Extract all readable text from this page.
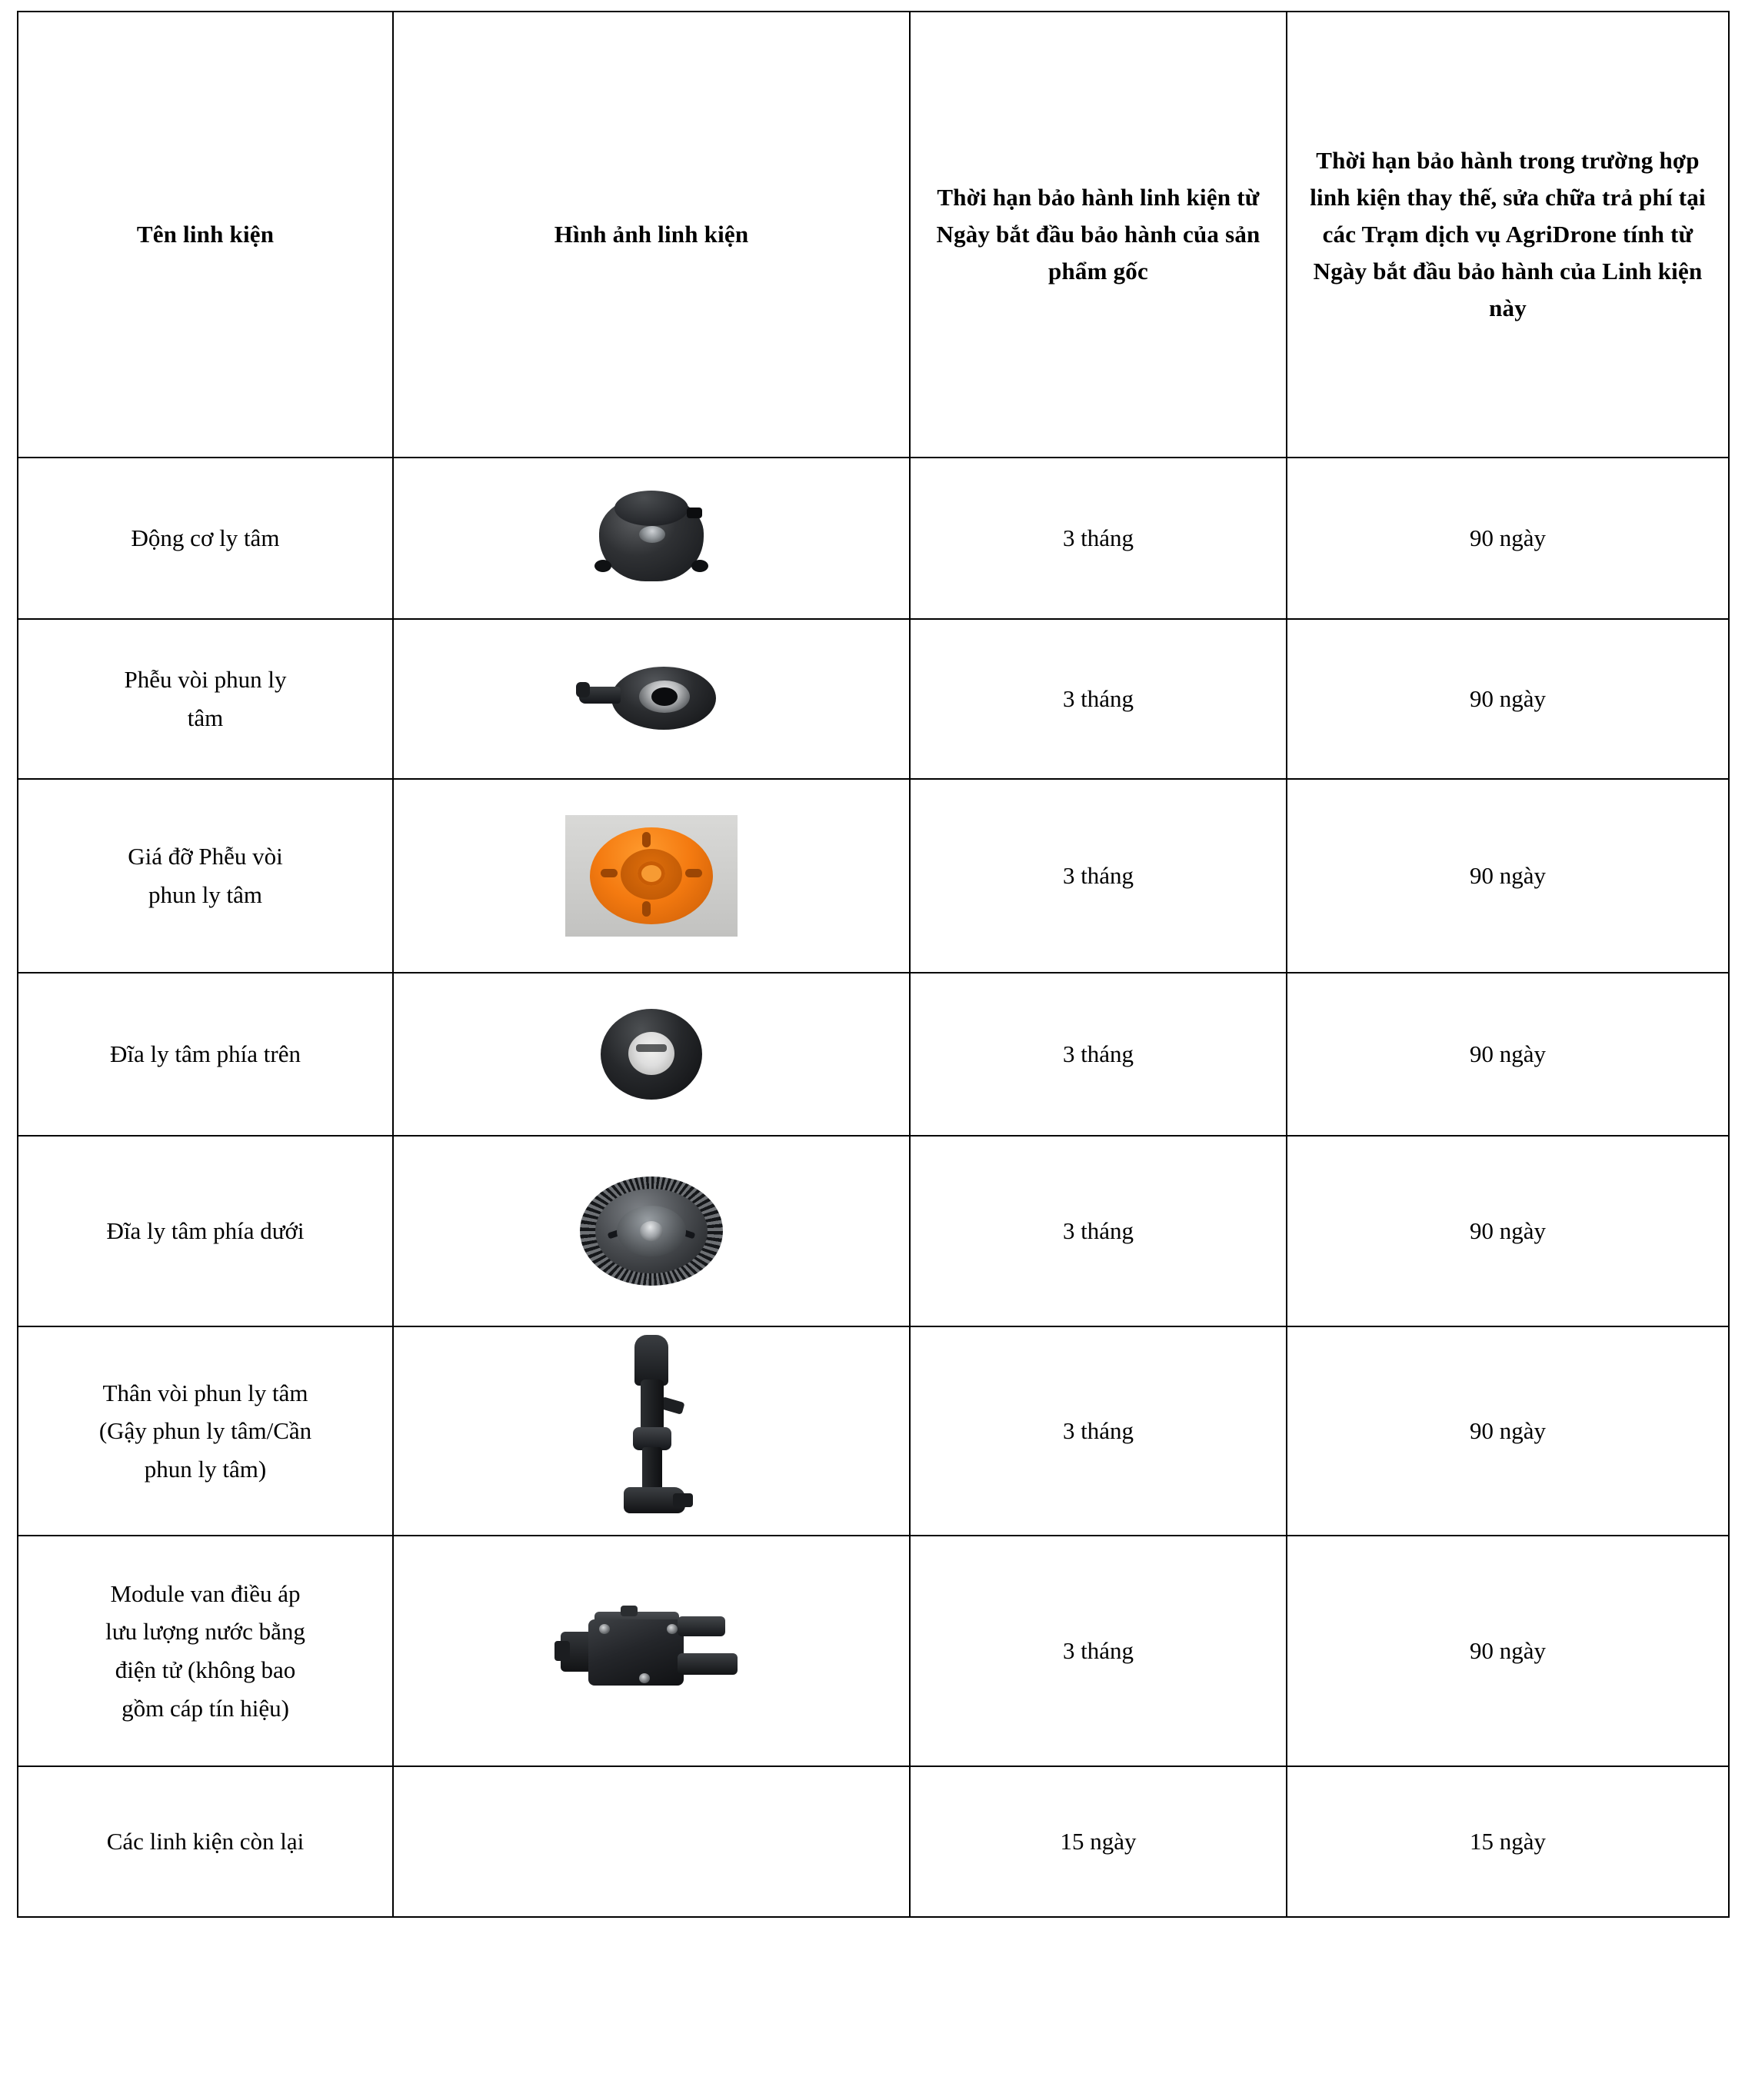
Tên linh kiện	Hình ảnh linh kiện	Thời hạn bảo hành linh kiện từ Ngày bắt đầu bảo hành của sản phẩm gốc	Thời hạn bảo hành trong trường hợp linh kiện thay thế, sửa chữa trả phí tại các Trạm dịch vụ AgriDrone tính từ Ngày bắt đầu bảo hành của Linh kiện này

Động cơ ly tâm		3 tháng	90 ngày

Phễu vòi phun ly
tâm		3 tháng	90 ngày

Giá đỡ Phễu vòi
phun ly tâm		3 tháng	90 ngày

Đĩa ly tâm phía trên		3 tháng	90 ngày

Đĩa ly tâm phía dưới		3 tháng	90 ngày

Thân vòi phun ly tâm
(Gậy phun ly tâm/Cần
phun ly tâm)		3 tháng	90 ngày

Module van điều áp
lưu lượng nước bằng
điện tử (không bao
gồm cáp tín hiệu)		3 tháng	90 ngày

Các linh kiện còn lại		15 ngày	15 ngày
